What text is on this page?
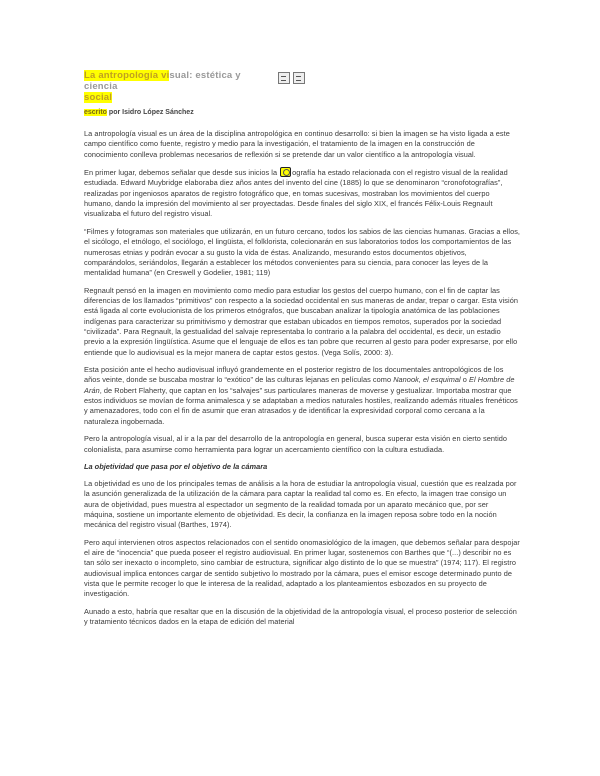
La antropología visual: estética y ciencia
social
escrito por Isidro López Sánchez

La antropología visual es un área de la disciplina antropológica en continuo desarrollo: si bien la imagen se ha visto ligada a este campo científico como fuente, registro y medio para la investigación, el tratamiento de la imagen en la construcción de conocimiento conlleva problemas necesarios de reflexión si se pretende dar un valor científico a la antropología visual.

En primer lugar, debemos señalar que desde sus inicios la ografía ha estado relacionada con el registro visual de la realidad estudiada. Edward Muybridge elaboraba diez años antes del invento del cine (1885) lo que se denominaron “cronofotografías”, realizadas por ingeniosos aparatos de registro fotográfico que, en tomas sucesivas, mostraban los movimientos del cuerpo humano, dando la impresión del movimiento al ser proyectadas. Desde finales del siglo XIX, el francés Félix-Louis Regnault visualizaba el futuro del registro visual.

“Filmes y fotogramas son materiales que utilizarán, en un futuro cercano, todos los sabios de las ciencias humanas. Gracias a ellos, el sicólogo, el etnólogo, el sociólogo, el lingüista, el folklorista, colecionarán en sus laboratorios todos los comportamientos de las numerosas etnias y podrán evocar a su gusto la vida de éstas. Analizando, mesurando estos documentos objetivos, comparándolos, seriándolos, llegarán a establecer los métodos convenientes para su ciencia, para conocer las leyes de la mentalidad humana” (en Creswell y Godelier, 1981; 119)

Regnault pensó en la imagen en movimiento como medio para estudiar los gestos del cuerpo humano, con el fin de captar las diferencias de los llamados “primitivos” con respecto a la sociedad occidental en sus maneras de andar, trepar o cargar. Esta visión está ligada al corte evolucionista de los primeros etnógrafos, que buscaban analizar la tipología anatómica de las poblaciones indígenas para caracterizar su primitivismo y demostrar que estaban ubicados en tiempos remotos, superados por la sociedad “civilizada”. Para Regnault, la gestualidad del salvaje representaba lo contrario a la palabra del occidental, es decir, un estadio previo a la expresión lingüística. Asume que el lenguaje de ellos es tan pobre que recurren al gesto para poder expresarse, por ello entiende que lo audiovisual es la mejor manera de captar estos gestos. (Vega Solís, 2000: 3).

Esta posición ante el hecho audiovisual influyó grandemente en el posterior registro de los documentales antropológicos de los años veinte, donde se buscaba mostrar lo “exótico” de las culturas lejanas en películas como Nanook, el esquimal o El Hombre de Arán, de Robert Flaherty, que captan en los “salvajes” sus particulares maneras de moverse y gestualizar. Importaba mostrar que estos individuos se movían de forma animalesca y se adaptaban a medios naturales hostiles, realizando además rituales frenéticos y amenazadores, todo con el fin de asumir que eran atrasados y de identificar la expresividad corporal como cercana a la naturaleza ingobernada.

Pero la antropología visual, al ir a la par del desarrollo de la antropología en general, busca superar esta visión en cierto sentido colonialista, para asumirse como herramienta para lograr un acercamiento científico con la cultura estudiada.

La objetividad que pasa por el objetivo de la cámara

La objetividad es uno de los principales temas de análisis a la hora de estudiar la antropología visual, cuestión que es realzada por la asunción generalizada de la utilización de la cámara para captar la realidad tal como es. En efecto, la imagen trae consigo un aura de objetividad, pues muestra al espectador un segmento de la realidad tomada por un aparato mecánico que, por ser máquina, sostiene un importante elemento de objetividad. Es decir, la confianza en la imagen reposa sobre todo en la noción mecánica del registro visual (Barthes, 1974).

Pero aquí intervienen otros aspectos relacionados con el sentido onomasiológico de la imagen, que debemos señalar para despojar el aire de “inocencia” que pueda poseer el registro audiovisual. En primer lugar, sostenemos con Barthes que “(...) describir no es tan sólo ser inexacto o incompleto, sino cambiar de estructura, significar algo distinto de lo que se muestra” (1974; 117). El registro audiovisual implica entonces cargar de sentido subjetivo lo mostrado por la cámara, pues el emisor escoge determinado punto de vista que le permite recoger lo que le interesa de la realidad, adaptado a los planteamientos esbozados en su proyecto de investigación.

Aunado a esto, habría que resaltar que en la discusión de la objetividad de la antropología visual, el proceso posterior de selección y tratamiento técnicos dados en la etapa de edición del material
